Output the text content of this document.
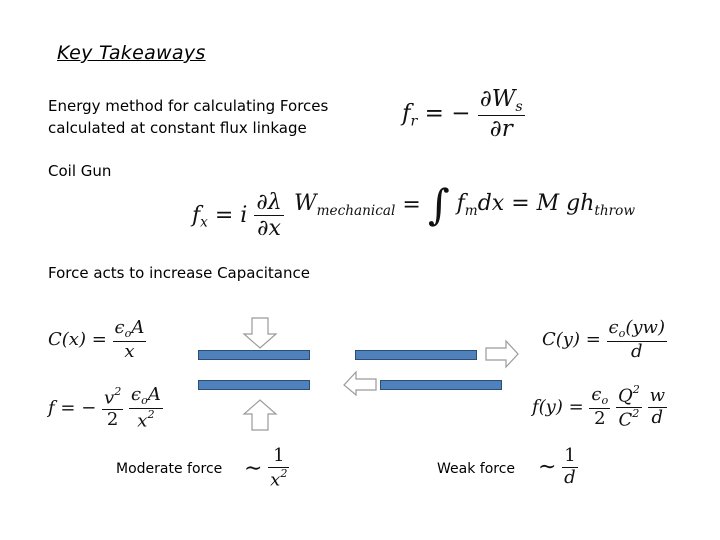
Key Takeaways
Energy method for calculating Forces
calculated at constant flux linkage
$f_r$ = − $\frac{\partial W_s}{\partial r}$
Coil Gun
$f_x = i \frac{\partial\lambda}{\partial x} W_{mechanical}$ = ∫ $f_mdx = M$ $gh_{throw}$
Force acts to increase Capacitance
$C(x) = \frac{\epsilon_oA}{x}$
f = − $\frac{v^2}{2}$
$\frac{\epsilon_oA}{x^2}$
$C(y) = \frac{\epsilon_o(yw)}{d}$
$f(y) = \frac{\epsilon_o}{2}$
$\frac{Q^2}{C^2}$
$\frac{w}{d}$
Moderate force ∼ $\frac{1}{x^2}$	Weak force ∼ $\frac{1}{d}$
